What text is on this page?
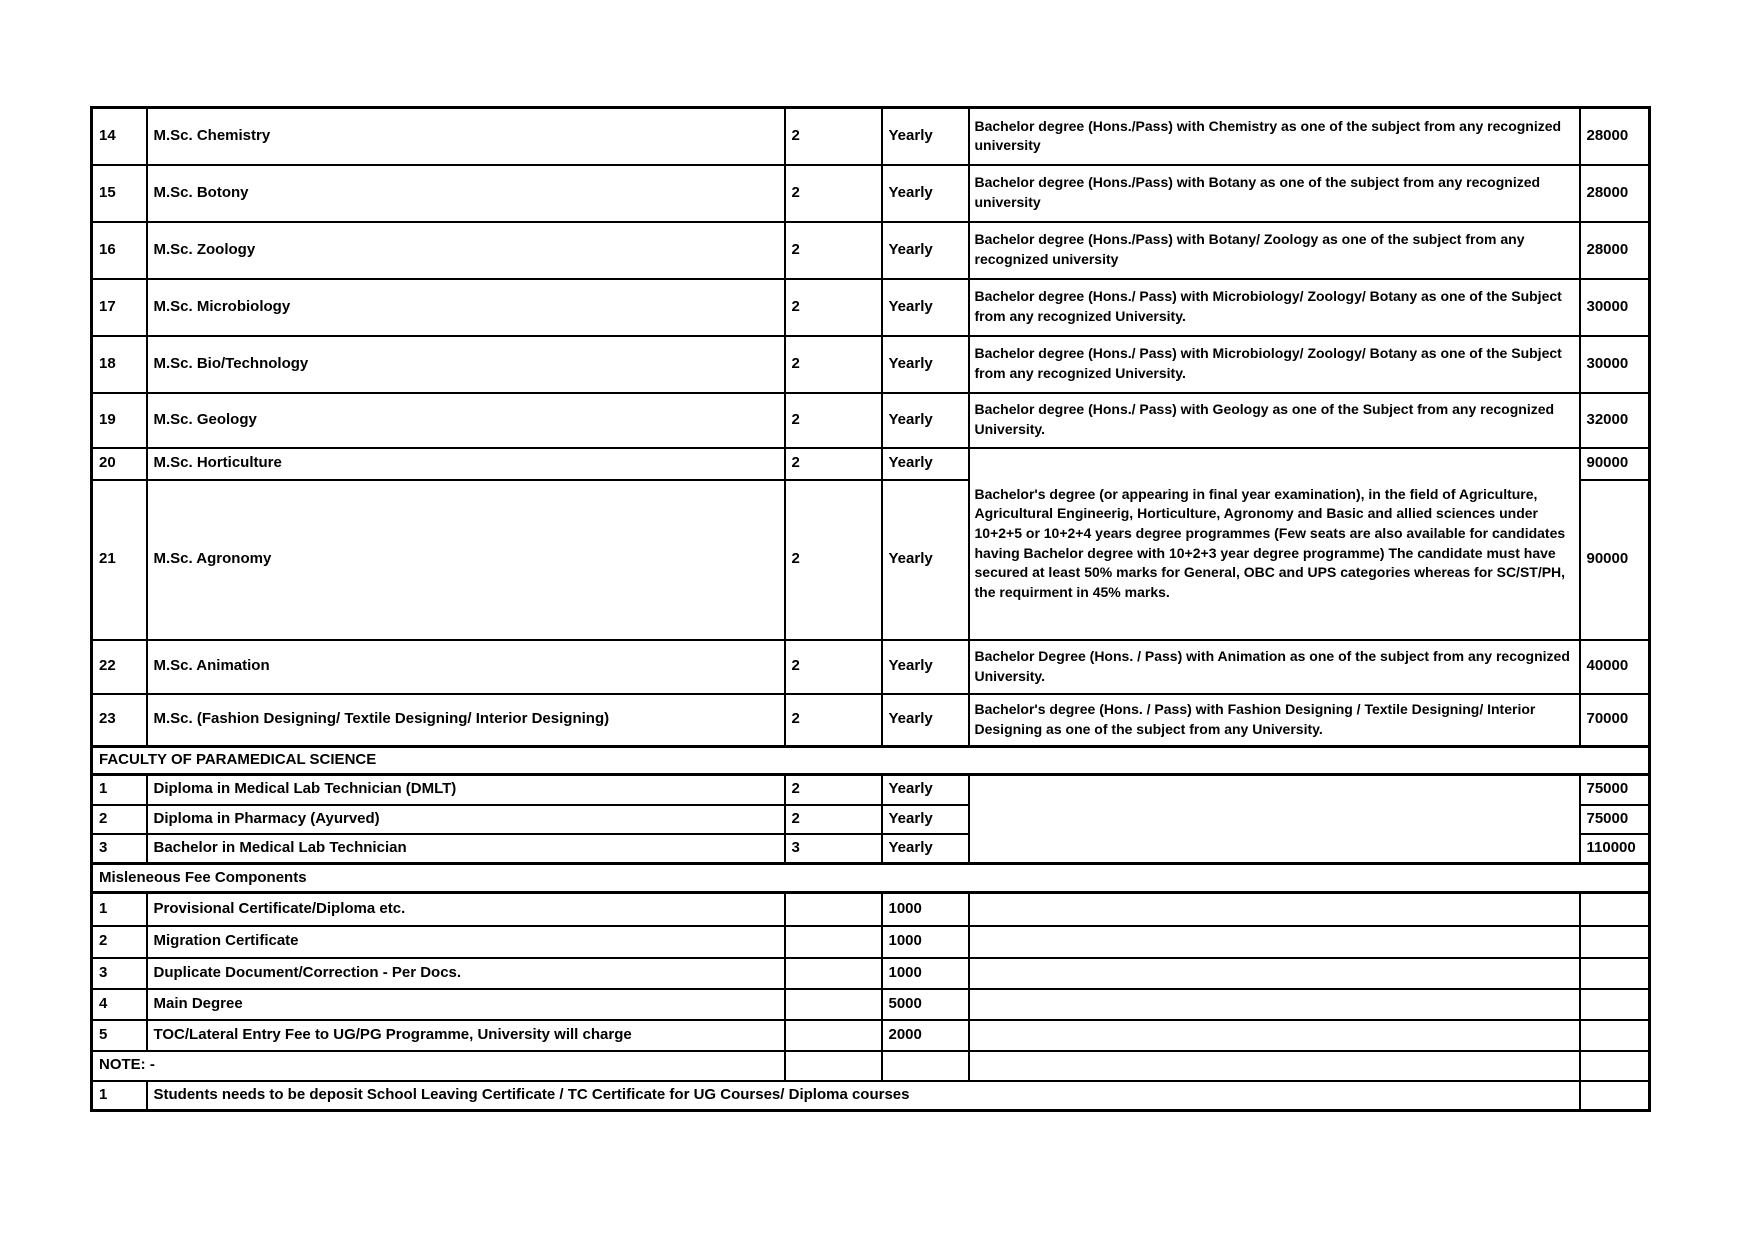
14	M.Sc. Chemistry	2	Yearly	Bachelor degree (Hons./Pass) with Chemistry as one of the subject from any recognized university	28000
15	M.Sc. Botony	2	Yearly	Bachelor degree (Hons./Pass) with Botany as one of the subject from any recognized university	28000
16	M.Sc. Zoology	2	Yearly	Bachelor degree (Hons./Pass) with Botany/ Zoology as one of the subject from any recognized university	28000
17	M.Sc. Microbiology	2	Yearly	Bachelor degree (Hons./ Pass) with Microbiology/ Zoology/ Botany as one of the Subject from any recognized University.	30000
18	M.Sc. Bio/Technology	2	Yearly	Bachelor degree (Hons./ Pass) with Microbiology/ Zoology/ Botany as one of the Subject from any recognized University.	30000
19	M.Sc. Geology	2	Yearly	Bachelor degree (Hons./ Pass) with Geology as one of the Subject from any recognized University.	32000
20	M.Sc. Horticulture	2	Yearly	Bachelor's degree (or appearing in final year examination), in the field of Agriculture, Agricultural Engineerig, Horticulture, Agronomy and Basic and allied sciences under 10+2+5 or 10+2+4 years degree programmes (Few seats are also available for candidates having Bachelor degree with 10+2+3 year degree programme) The candidate must have secured at least 50% marks for General, OBC and UPS categories whereas for SC/ST/PH, the requirment in 45% marks.	90000
21	M.Sc. Agronomy	2	Yearly		90000
22	M.Sc. Animation	2	Yearly	Bachelor Degree (Hons. / Pass) with Animation as one of the subject from any recognized University.	40000
23	M.Sc. (Fashion Designing/ Textile Designing/ Interior Designing)	2	Yearly	Bachelor's degree (Hons. / Pass) with Fashion Designing / Textile Designing/ Interior Designing as one of the subject from any University.	70000
FACULTY OF PARAMEDICAL SCIENCE					
1	Diploma in Medical Lab Technician (DMLT)	2	Yearly		75000
2	Diploma in Pharmacy (Ayurved)	2	Yearly		75000
3	Bachelor in Medical Lab Technician	3	Yearly		110000
Misleneous Fee Components					
1	Provisional Certificate/Diploma etc.		1000		
2	Migration Certificate		1000		
3	Duplicate Document/Correction - Per Docs.		1000		
4	Main Degree		5000		
5	TOC/Lateral Entry Fee to UG/PG Programme, University will charge		2000		
NOTE: -					
1	Students needs to be deposit School Leaving Certificate / TC Certificate for UG Courses/ Diploma courses				
